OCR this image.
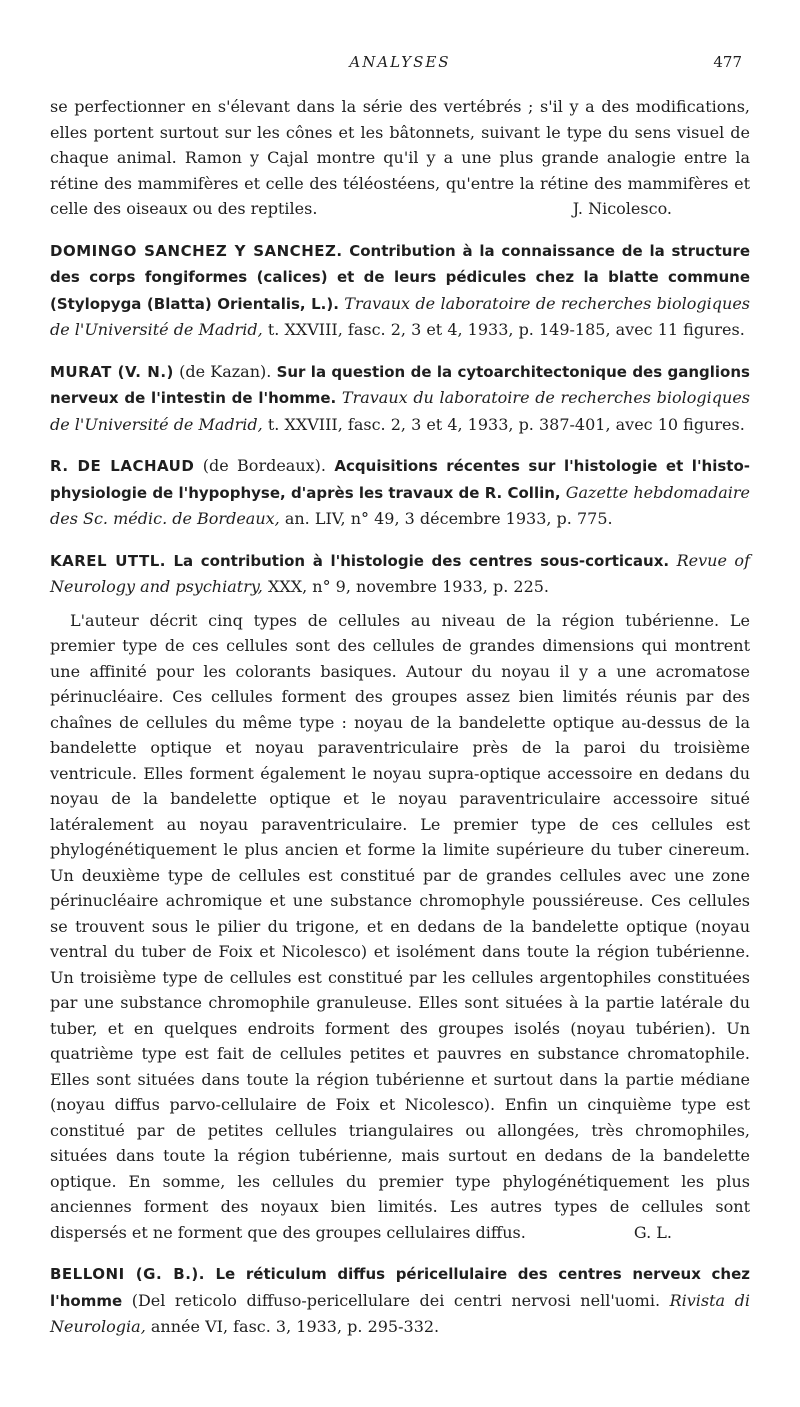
ANALYSES	477

se perfectionner en s'élevant dans la série des vertébrés ; s'il y a des modifications, elles portent surtout sur les cônes et les bâtonnets, suivant le type du sens visuel de chaque animal. Ramon y Cajal montre qu'il y a une plus grande analogie entre la rétine des mammifères et celle des téléostéens, qu'entre la rétine des mammifères et celle des oiseaux ou des reptiles.	J. Nicolesco.

DOMINGO SANCHEZ Y SANCHEZ. Contribution à la connaissance de la structure des corps fongiformes (calices) et de leurs pédicules chez la blatte commune (Stylopyga (Blatta) Orientalis, L.). Travaux de laboratoire de recherches biologiques de l'Université de Madrid, t. XXVIII, fasc. 2, 3 et 4, 1933, p. 149-185, avec 11 figures.

MURAT (V. N.) (de Kazan). Sur la question de la cytoarchitectonique des ganglions nerveux de l'intestin de l'homme. Travaux du laboratoire de recherches biologiques de l'Université de Madrid, t. XXVIII, fasc. 2, 3 et 4, 1933, p. 387-401, avec 10 figures.

R. DE LACHAUD (de Bordeaux). Acquisitions récentes sur l'histologie et l'histo-physiologie de l'hypophyse, d'après les travaux de R. Collin, Gazette hebdomadaire des Sc. médic. de Bordeaux, an. LIV, n° 49, 3 décembre 1933, p. 775.

KAREL UTTL. La contribution à l'histologie des centres sous-corticaux. Revue of Neurology and psychiatry, XXX, n° 9, novembre 1933, p. 225.

L'auteur décrit cinq types de cellules au niveau de la région tubérienne. Le premier type de ces cellules sont des cellules de grandes dimensions qui montrent une affinité pour les colorants basiques. Autour du noyau il y a une acromatose périnucléaire. Ces cellules forment des groupes assez bien limités réunis par des chaînes de cellules du même type : noyau de la bandelette optique au-dessus de la bandelette optique et noyau paraventriculaire près de la paroi du troisième ventricule. Elles forment également le noyau supra-optique accessoire en dedans du noyau de la bandelette optique et le noyau paraventriculaire accessoire situé latéralement au noyau paraventriculaire. Le premier type de ces cellules est phylogénétiquement le plus ancien et forme la limite supérieure du tuber cinereum. Un deuxième type de cellules est constitué par de grandes cellules avec une zone périnucléaire achromique et une substance chromophyle poussiéreuse. Ces cellules se trouvent sous le pilier du trigone, et en dedans de la bandelette optique (noyau ventral du tuber de Foix et Nicolesco) et isolément dans toute la région tubérienne. Un troisième type de cellules est constitué par les cellules argentophiles constituées par une substance chromophile granuleuse. Elles sont situées à la partie latérale du tuber, et en quelques endroits forment des groupes isolés (noyau tubérien). Un quatrième type est fait de cellules petites et pauvres en substance chromatophile. Elles sont situées dans toute la région tubérienne et surtout dans la partie médiane (noyau diffus parvo-cellulaire de Foix et Nicolesco). Enfin un cinquième type est constitué par de petites cellules triangulaires ou allongées, très chromophiles, situées dans toute la région tubérienne, mais surtout en dedans de la bandelette optique. En somme, les cellules du premier type phylogénétiquement les plus anciennes forment des noyaux bien limités. Les autres types de cellules sont dispersés et ne forment que des groupes cellulaires diffus.	G. L.

BELLONI (G. B.). Le réticulum diffus péricellulaire des centres nerveux chez l'homme (Del reticolo diffuso-pericellulare dei centri nervosi nell'uomi. Rivista di Neurologia, année VI, fasc. 3, 1933, p. 295-332.
